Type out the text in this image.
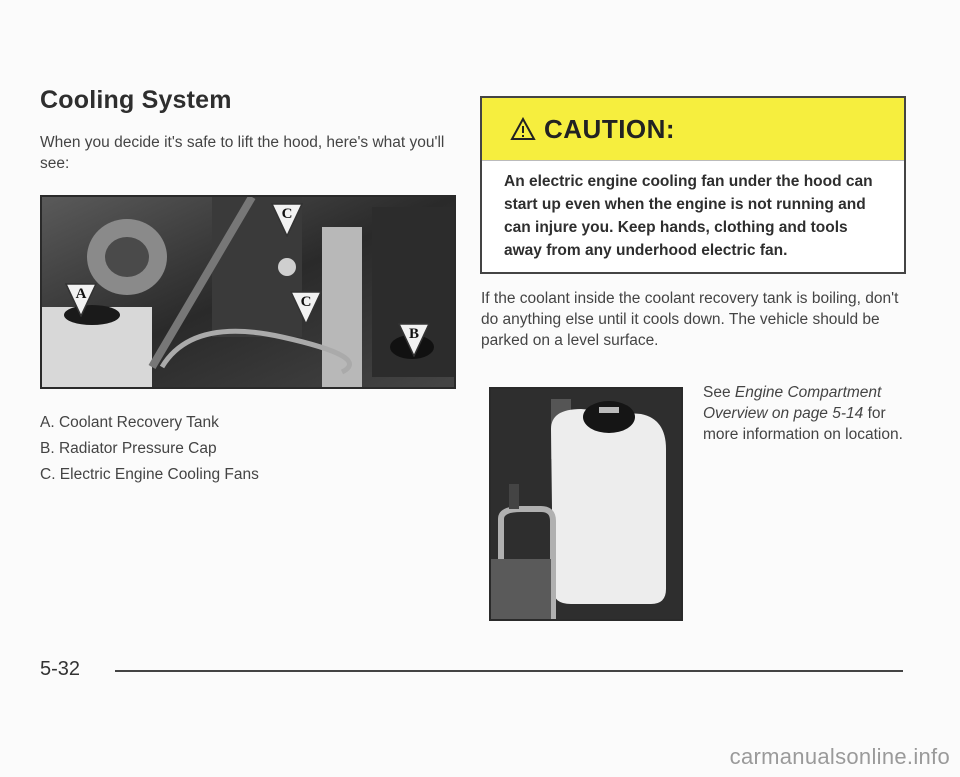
Cooling System
When you decide it's safe to lift the hood, here's what you'll see:
C
A	C
B
A. Coolant Recovery Tank
B. Radiator Pressure Cap
C. Electric Engine Cooling Fans
CAUTION:
An electric engine cooling fan under the hood can start up even when the engine is not running and can injure you. Keep hands, clothing and tools away from any underhood electric fan.
If the coolant inside the coolant recovery tank is boiling, don't do anything else until it cools down. The vehicle should be parked on a level surface.
See Engine Compartment Overview on page 5-14 for more information on location.
5-32
carmanualsonline.info
